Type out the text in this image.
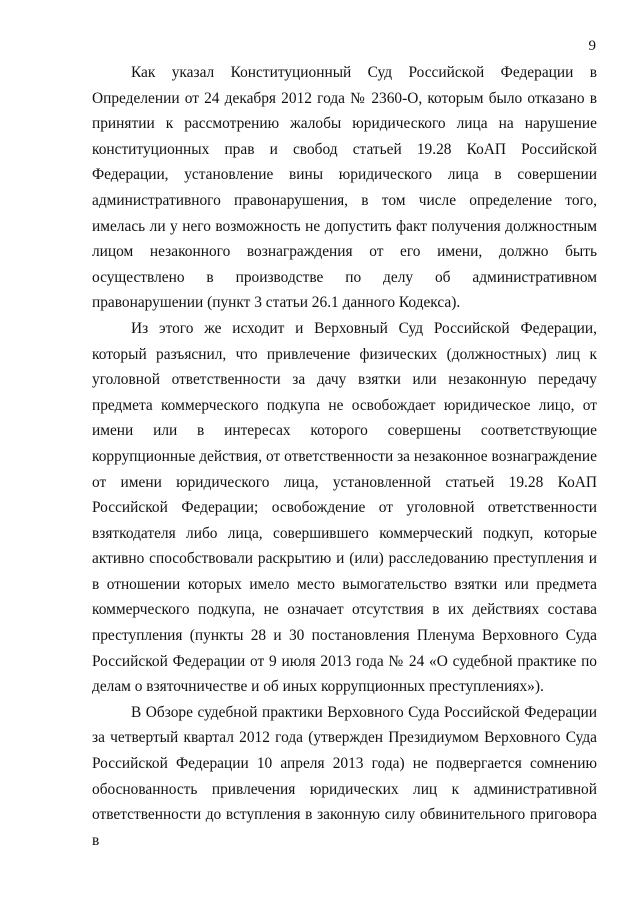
9

Как указал Конституционный Суд Российской Федерации в Определении от 24 декабря 2012 года № 2360-О, которым было отказано в принятии к рассмотрению жалобы юридического лица на нарушение конституционных прав и свобод статьей 19.28 КоАП Российской Федерации, установление вины юридического лица в совершении административного правонарушения, в том числе определение того, имелась ли у него возможность не допустить факт получения должностным лицом незаконного вознаграждения от его имени, должно быть осуществлено в производстве по делу об административном правонарушении (пункт 3 статьи 26.1 данного Кодекса).

Из этого же исходит и Верховный Суд Российской Федерации, который разъяснил, что привлечение физических (должностных) лиц к уголовной ответственности за дачу взятки или незаконную передачу предмета коммерческого подкупа не освобождает юридическое лицо, от имени или в интересах которого совершены соответствующие коррупционные действия, от ответственности за незаконное вознаграждение от имени юридического лица, установленной статьей 19.28 КоАП Российской Федерации; освобождение от уголовной ответственности взяткодателя либо лица, совершившего коммерческий подкуп, которые активно способствовали раскрытию и (или) расследованию преступления и в отношении которых имело место вымогательство взятки или предмета коммерческого подкупа, не означает отсутствия в их действиях состава преступления (пункты 28 и 30 постановления Пленума Верховного Суда Российской Федерации от 9 июля 2013 года № 24 «О судебной практике по делам о взяточничестве и об иных коррупционных преступлениях»).

В Обзоре судебной практики Верховного Суда Российской Федерации за четвертый квартал 2012 года (утвержден Президиумом Верховного Суда Российской Федерации 10 апреля 2013 года) не подвергается сомнению обоснованность привлечения юридических лиц к административной ответственности до вступления в законную силу обвинительного приговора в
